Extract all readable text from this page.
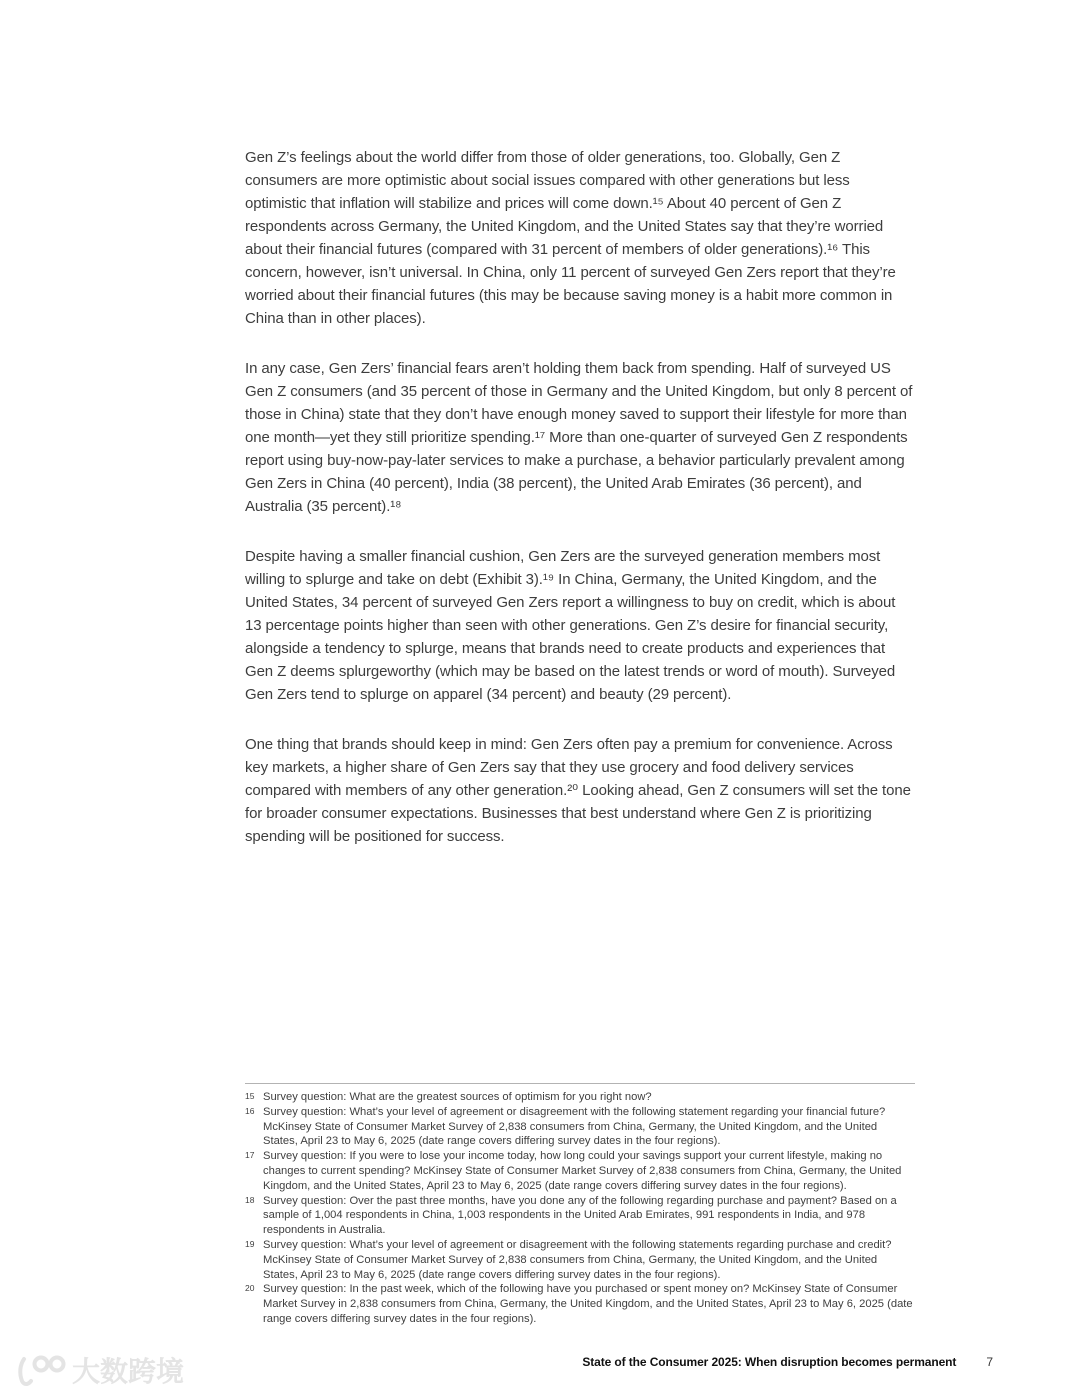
Gen Z’s feelings about the world differ from those of older generations, too. Globally, Gen Z consumers are more optimistic about social issues compared with other generations but less optimistic that inflation will stabilize and prices will come down.¹⁵ About 40 percent of Gen Z respondents across Germany, the United Kingdom, and the United States say that they’re worried about their financial futures (compared with 31 percent of members of older generations).¹⁶ This concern, however, isn’t universal. In China, only 11 percent of surveyed Gen Zers report that they’re worried about their financial futures (this may be because saving money is a habit more common in China than in other places).

In any case, Gen Zers’ financial fears aren’t holding them back from spending. Half of surveyed US Gen Z consumers (and 35 percent of those in Germany and the United Kingdom, but only 8 percent of those in China) state that they don’t have enough money saved to support their lifestyle for more than one month—yet they still prioritize spending.¹⁷ More than one-quarter of surveyed Gen Z respondents report using buy-now-pay-later services to make a purchase, a behavior particularly prevalent among Gen Zers in China (40 percent), India (38 percent), the United Arab Emirates (36 percent), and Australia (35 percent).¹⁸

Despite having a smaller financial cushion, Gen Zers are the surveyed generation members most willing to splurge and take on debt (Exhibit 3).¹⁹ In China, Germany, the United Kingdom, and the United States, 34 percent of surveyed Gen Zers report a willingness to buy on credit, which is about 13 percentage points higher than seen with other generations. Gen Z’s desire for financial security, alongside a tendency to splurge, means that brands need to create products and experiences that Gen Z deems splurgeworthy (which may be based on the latest trends or word of mouth). Surveyed Gen Zers tend to splurge on apparel (34 percent) and beauty (29 percent).

One thing that brands should keep in mind: Gen Zers often pay a premium for convenience. Across key markets, a higher share of Gen Zers say that they use grocery and food delivery services compared with members of any other generation.²⁰ Looking ahead, Gen Z consumers will set the tone for broader consumer expectations. Businesses that best understand where Gen Z is prioritizing spending will be positioned for success.

15 Survey question: What are the greatest sources of optimism for you right now?
16 Survey question: What’s your level of agreement or disagreement with the following statement regarding your financial future? McKinsey State of Consumer Market Survey of 2,838 consumers from China, Germany, the United Kingdom, and the United States, April 23 to May 6, 2025 (date range covers differing survey dates in the four regions).
17 Survey question: If you were to lose your income today, how long could your savings support your current lifestyle, making no changes to current spending? McKinsey State of Consumer Market Survey of 2,838 consumers from China, Germany, the United Kingdom, and the United States, April 23 to May 6, 2025 (date range covers differing survey dates in the four regions).
18 Survey question: Over the past three months, have you done any of the following regarding purchase and payment? Based on a sample of 1,004 respondents in China, 1,003 respondents in the United Arab Emirates, 991 respondents in India, and 978 respondents in Australia.
19 Survey question: What’s your level of agreement or disagreement with the following statements regarding purchase and credit? McKinsey State of Consumer Market Survey of 2,838 consumers from China, Germany, the United Kingdom, and the United States, April 23 to May 6, 2025 (date range covers differing survey dates in the four regions).
20 Survey question: In the past week, which of the following have you purchased or spent money on? McKinsey State of Consumer Market Survey in 2,838 consumers from China, Germany, the United Kingdom, and the United States, April 23 to May 6, 2025 (date range covers differing survey dates in the four regions).
大数跨境	State of the Consumer 2025: When disruption becomes permanent	7
